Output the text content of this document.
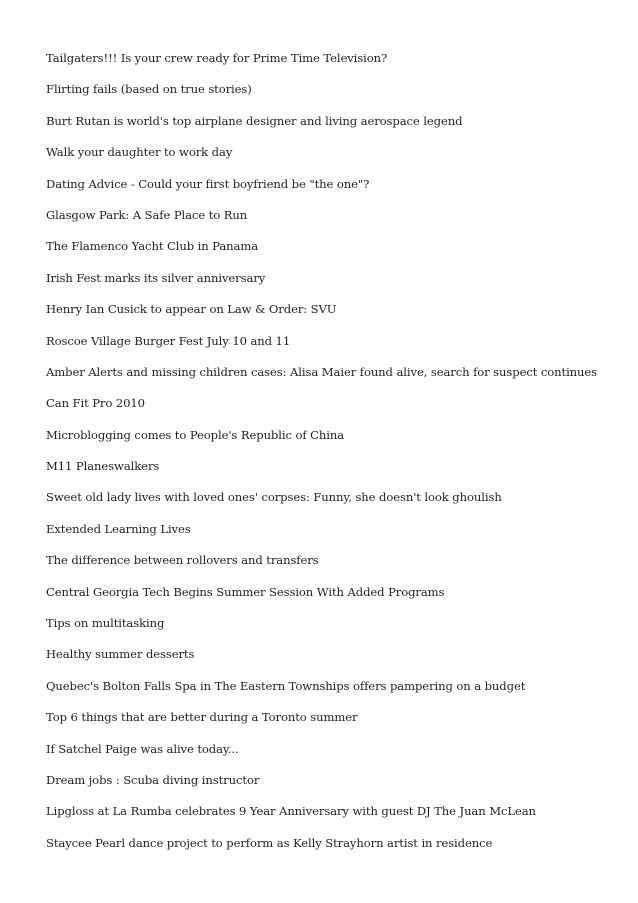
Tailgaters!!! Is your crew ready for Prime Time Television?
Flirting fails (based on true stories)
Burt Rutan is world's top airplane designer and living aerospace legend
Walk your daughter to work day
Dating Advice - Could your first boyfriend be "the one"?
Glasgow Park: A Safe Place to Run
The Flamenco Yacht Club in Panama
Irish Fest marks its silver anniversary
Henry Ian Cusick to appear on Law & Order: SVU
Roscoe Village Burger Fest July 10 and 11
Amber Alerts and missing children cases: Alisa Maier found alive, search for suspect continues
Can Fit Pro 2010
Microblogging comes to People's Republic of China
M11 Planeswalkers
Sweet old lady lives with loved ones' corpses: Funny, she doesn't look ghoulish
Extended Learning Lives
The difference between rollovers and transfers
Central Georgia Tech Begins Summer Session With Added Programs
Tips on multitasking
Healthy summer desserts
Quebec's Bolton Falls Spa in The Eastern Townships offers pampering on a budget
Top 6 things that are better during a Toronto summer
If Satchel Paige was alive today...
Dream jobs : Scuba diving instructor
Lipgloss at La Rumba celebrates 9 Year Anniversary with guest DJ The Juan McLean
Staycee Pearl dance project to perform as Kelly Strayhorn artist in residence
